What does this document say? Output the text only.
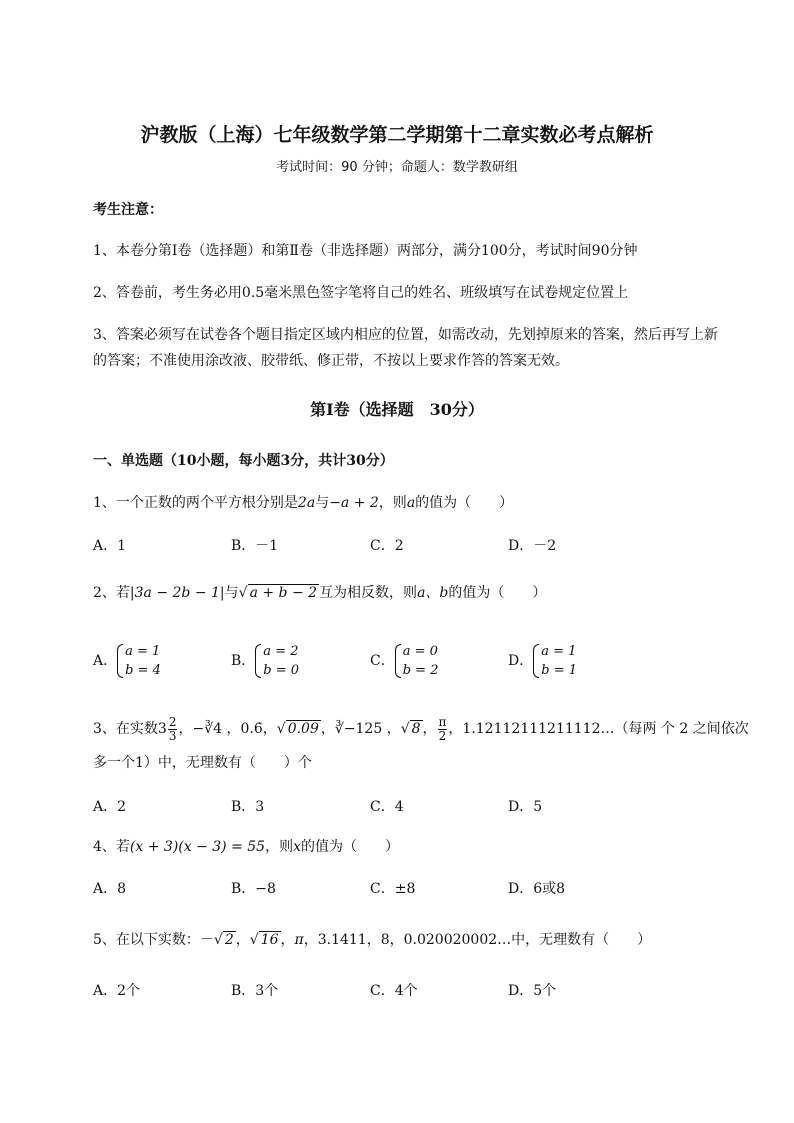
沪教版（上海）七年级数学第二学期第十二章实数必考点解析
考试时间：90 分钟；命题人：数学教研组
考生注意：
1、本卷分第I卷（选择题）和第Ⅱ卷（非选择题）两部分，满分100分，考试时间90分钟
2、答卷前，考生务必用0.5毫米黑色签字笔将自己的姓名、班级填写在试卷规定位置上
3、答案必须写在试卷各个题目指定区域内相应的位置，如需改动，先划掉原来的答案，然后再写上新
的答案；不准使用涂改液、胶带纸、修正带，不按以上要求作答的答案无效。
第I卷（选择题　30分）
一、单选题（10小题，每小题3分，共计30分）
1、一个正数的两个平方根分别是2a与−a + 2，则a的值为（　　）
A．1	B．－1	C．2	D．－2
2、若|3a − 2b − 1|与√ a + b − 2 互为相反数，则a、b的值为（　　）
A．
a = 1
b = 4
B．
a = 2
b = 0
C．
a = 0
b = 2
D．
a = 1
b = 1
3、在实数$3 \frac{2}{3}$ ，−∛4 ，0.6̇，√ 0.09 ，∛−125 ，√ 8 ， $\frac{\pi}{2}$ ，1.12112111211112…（每两 个 2 之间依次
多一个1）中，无理数有（　　）个
A．2	B．3	C．4	D．5
4、若(x + 3)(x − 3) = 55，则x的值为（　　）
A．8	B．−8	C．±8	D．6或8
5、在以下实数：－√ 2 ，√ 16 ，π，3.1411，8，0.020020002…中，无理数有（　　）
A．2个	B．3个	C．4个	D．5个
